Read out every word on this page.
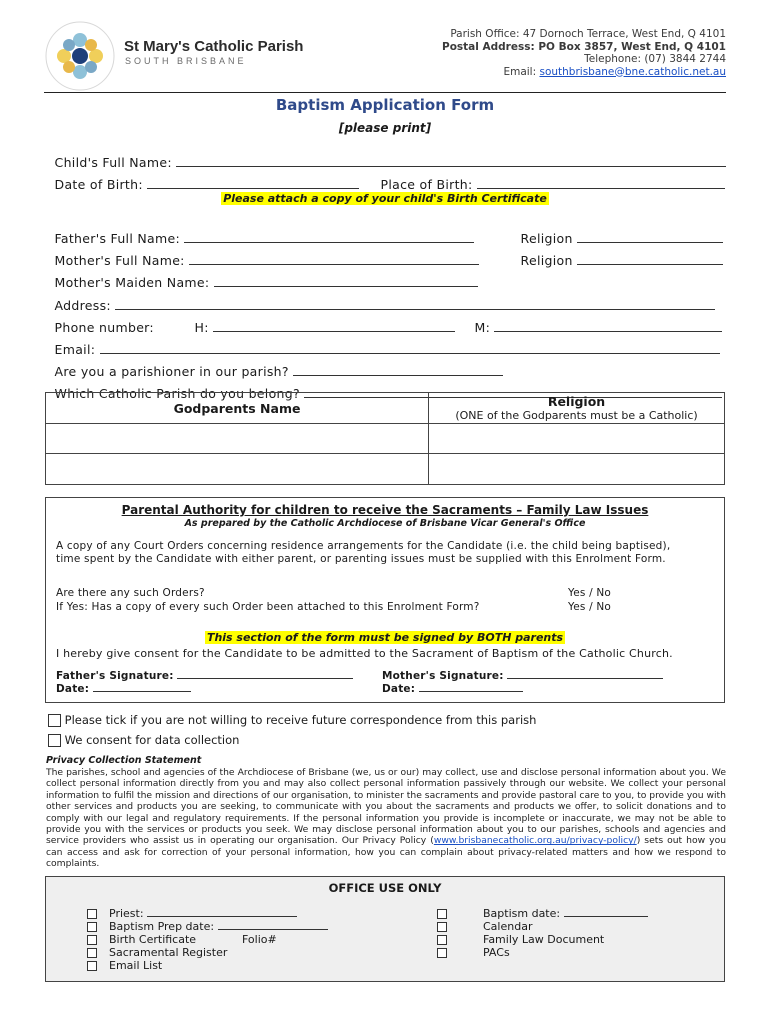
St Mary's Catholic Parish
SOUTH BRISBANE
Parish Office: 47 Dornoch Terrace, West End, Q 4101
Postal Address: PO Box 3857, West End, Q 4101
Telephone: (07) 3844 2744
Email: southbrisbane@bne.catholic.net.au
Baptism Application Form
[please print]

Child's Full Name:

Date of Birth:	Place of Birth:

Please attach a copy of your child's Birth Certificate

Father's Full Name:	Religion

Mother's Full Name:	Religion

Mother's Maiden Name:

Address:

Phone number:	H:	M:

Email:

Are you a parishioner in our parish?

Which Catholic Parish do you belong?

Godparents Name	Religion
(ONE of the Godparents must be a Catholic)

Parental Authority for children to receive the Sacraments – Family Law Issues
As prepared by the Catholic Archdiocese of Brisbane Vicar General's Office
A copy of any Court Orders concerning residence arrangements for the Candidate (i.e. the child being baptised), time spent by the Candidate with either parent, or parenting issues must be supplied with this Enrolment Form.
Are there any such Orders?	Yes / No
If Yes: Has a copy of every such Order been attached to this Enrolment Form?	Yes / No
This section of the form must be signed by BOTH parents
I hereby give consent for the Candidate to be admitted to the Sacrament of Baptism of the Catholic Church.
Father's Signature:
Date:
Mother's Signature:
Date:
Please tick if you are not willing to receive future correspondence from this parish
We consent for data collection
Privacy Collection Statement
The parishes, school and agencies of the Archdiocese of Brisbane (we, us or our) may collect, use and disclose personal information about you. We collect personal information directly from you and may also collect personal information passively through our website. We collect your personal information to fulfil the mission and directions of our organisation, to minister the sacraments and provide pastoral care to you, to provide you with other services and products you are seeking, to communicate with you about the sacraments and products we offer, to solicit donations and to comply with our legal and regulatory requirements. If the personal information you provide is incomplete or inaccurate, we may not be able to provide you with the services or products you seek. We may disclose personal information about you to our parishes, schools and agencies and service providers who assist us in operating our organisation. Our Privacy Policy (www.brisbanecatholic.org.au/privacy-policy/) sets out how you can access and ask for correction of your personal information, how you can complain about privacy-related matters and how we respond to complaints.
OFFICE USE ONLY

Priest:

Baptism Prep date:

Birth Certificate

Sacramental Register

Folio#

Email List

Baptism date:

Calendar

Family Law Document

PACs
